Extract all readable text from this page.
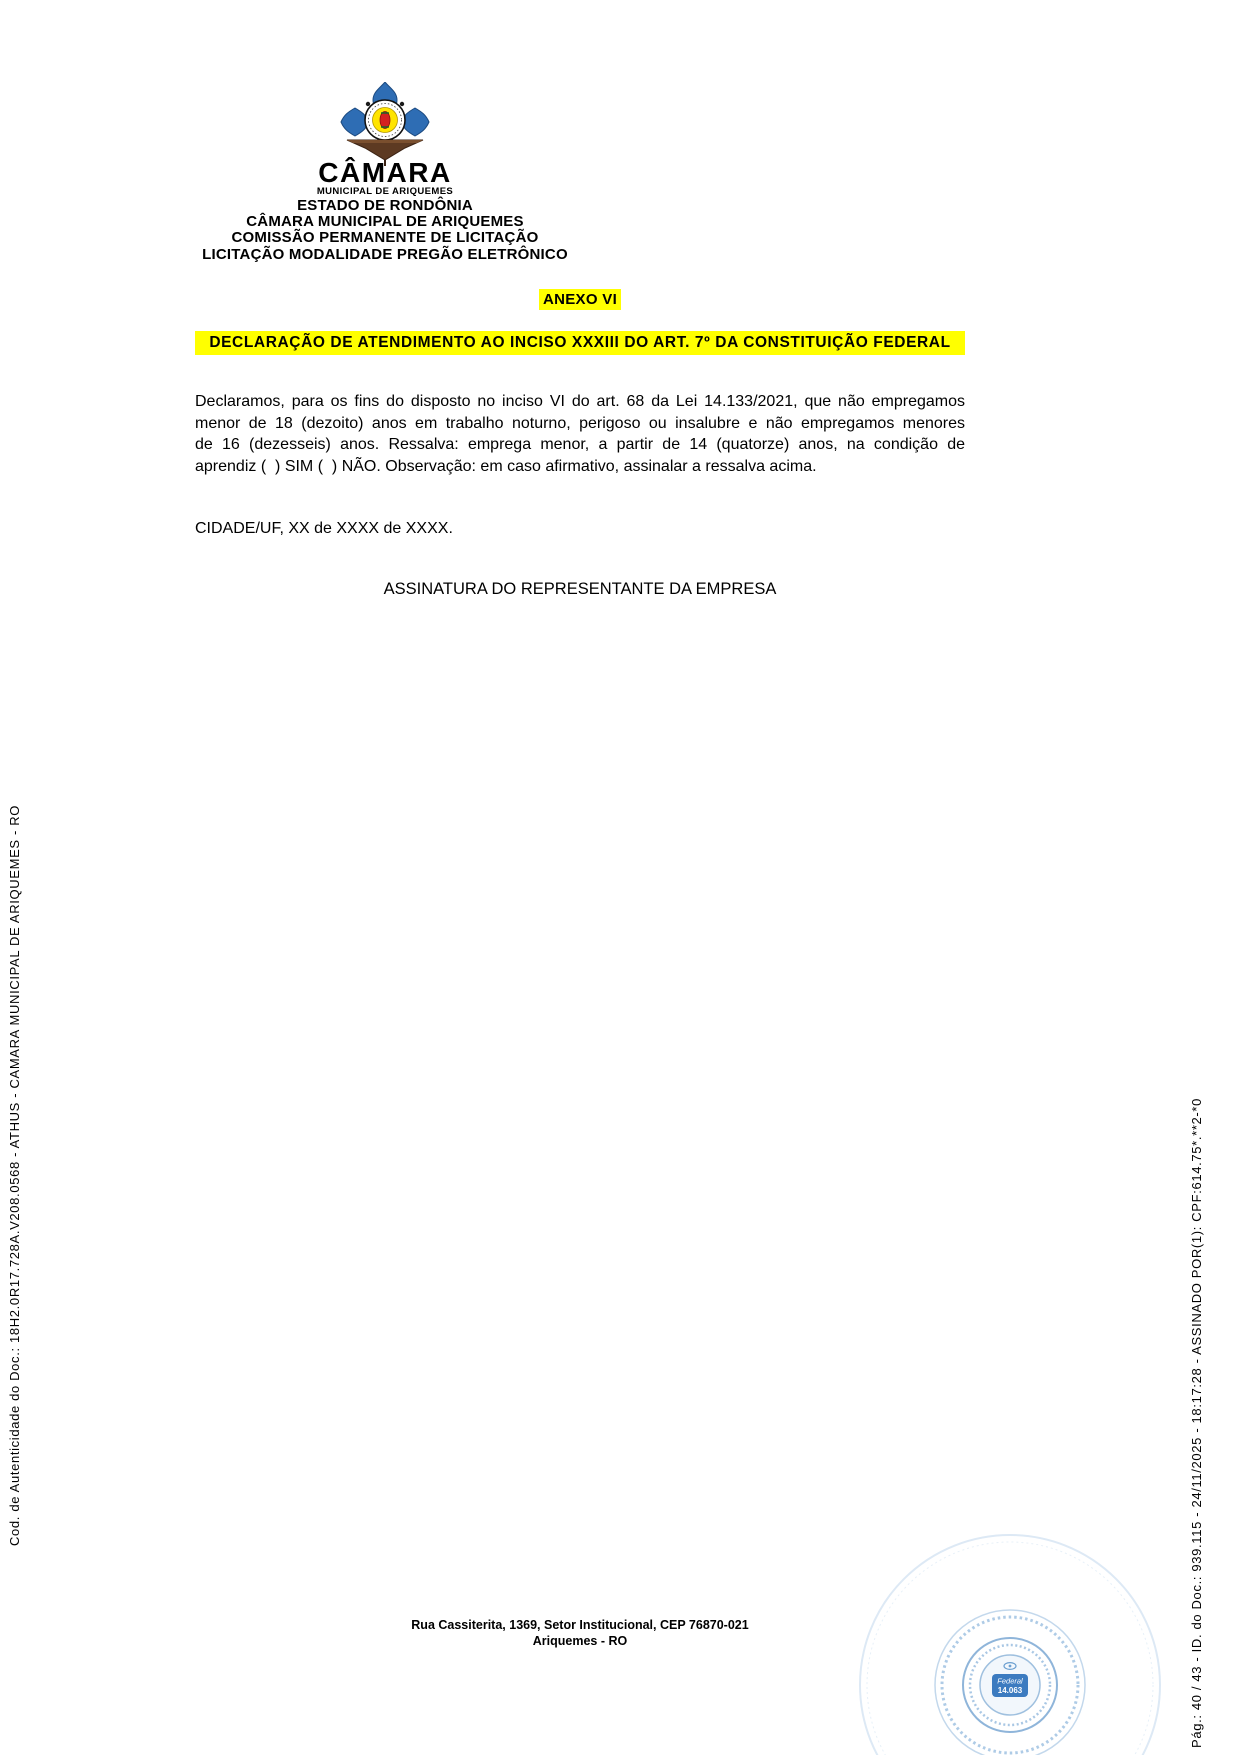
CÂMARA
MUNICIPAL DE ARIQUEMES
ESTADO DE RONDÔNIA
CÂMARA MUNICIPAL DE ARIQUEMES
COMISSÃO PERMANENTE DE LICITAÇÃO
LICITAÇÃO MODALIDADE PREGÃO ELETRÔNICO
ANEXO VI
DECLARAÇÃO DE ATENDIMENTO AO INCISO XXXIII DO ART. 7º DA CONSTITUIÇÃO FEDERAL
Declaramos, para os fins do disposto no inciso VI do art. 68 da Lei 14.133/2021, que não empregamos
menor de 18 (dezoito) anos em trabalho noturno, perigoso ou insalubre e não empregamos menores
de 16 (dezesseis) anos. Ressalva: emprega menor, a partir de 14 (quatorze) anos, na condição de
aprendiz (  ) SIM (  ) NÃO. Observação: em caso afirmativo, assinalar a ressalva acima.
CIDADE/UF, XX de XXXX de XXXX.
ASSINATURA DO REPRESENTANTE DA EMPRESA
Rua Cassiterita, 1369, Setor Institucional, CEP 76870-021
Ariquemes - RO
Cod. de Autenticidade do Doc.: 18H2.0R17.728A.V208.0568 - ATHUS - CAMARA MUNICIPAL DE ARIQUEMES - RO	Pág.: 40 / 43 - ID. do Doc.: 939.115 - 24/11/2025 - 18:17:28 - ASSINADO POR(1): CPF:614.75*.**2-*0
Federal
14.063
